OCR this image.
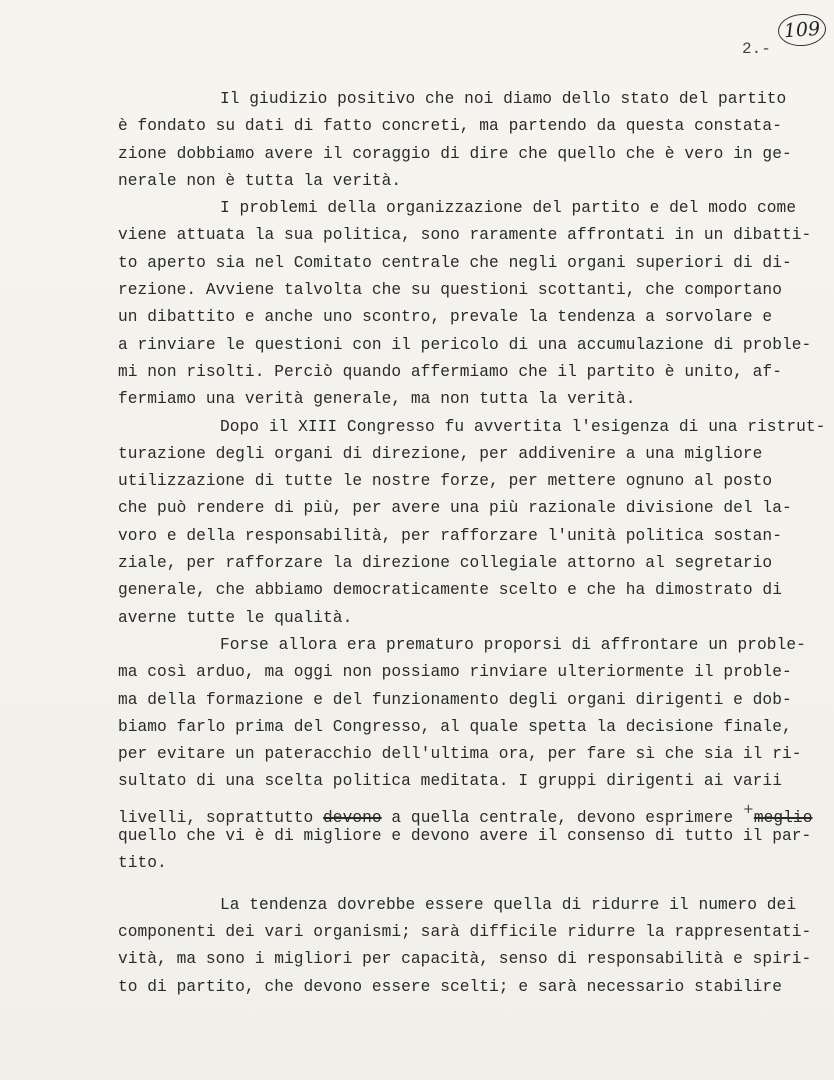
109
2.-
Il giudizio positivo che noi diamo dello stato del partito
è fondato su dati di fatto concreti, ma partendo da questa constata-
zione dobbiamo avere il coraggio di dire che quello che è vero in ge-
nerale non è tutta la verità.
I problemi della organizzazione del partito e del modo come
viene attuata la sua politica, sono raramente affrontati in un dibatti-
to aperto sia nel Comitato centrale che negli organi superiori di di-
rezione. Avviene talvolta che su questioni scottanti, che comportano
un dibattito e anche uno scontro, prevale la tendenza a sorvolare e
a rinviare le questioni con il pericolo di una accumulazione di proble-
mi non risolti. Perciò quando affermiamo che il partito è unito, af-
fermiamo una verità generale, ma non tutta la verità.
Dopo il XIII Congresso fu avvertita l'esigenza di una ristrut-
turazione degli organi di direzione, per addivenire a una migliore
utilizzazione di tutte le nostre forze, per mettere ognuno al posto
che può rendere di più, per avere una più razionale divisione del la-
voro e della responsabilità, per rafforzare l'unità politica sostan-
ziale, per rafforzare la direzione collegiale attorno al segretario
generale, che abbiamo democraticamente scelto e che ha dimostrato di
averne tutte le qualità.
Forse allora era prematuro proporsi di affrontare un proble-
ma così arduo, ma oggi non possiamo rinviare ulteriormente il proble-
ma della formazione e del funzionamento degli organi dirigenti e dob-
biamo farlo prima del Congresso, al quale spetta la decisione finale,
per evitare un pateracchio dell'ultima ora, per fare sì che sia il ri-
sultato di una scelta politica meditata. I gruppi dirigenti ai varii
livelli, soprattutto devono a quella centrale, devono esprimere +meglio
quello che vi è di migliore e devono avere il consenso di tutto il par-
tito.
La tendenza dovrebbe essere quella di ridurre il numero dei
componenti dei vari organismi; sarà difficile ridurre la rappresentati-
vità, ma sono i migliori per capacità, senso di responsabilità e spiri-
to di partito, che devono essere scelti; e sarà necessario stabilire
